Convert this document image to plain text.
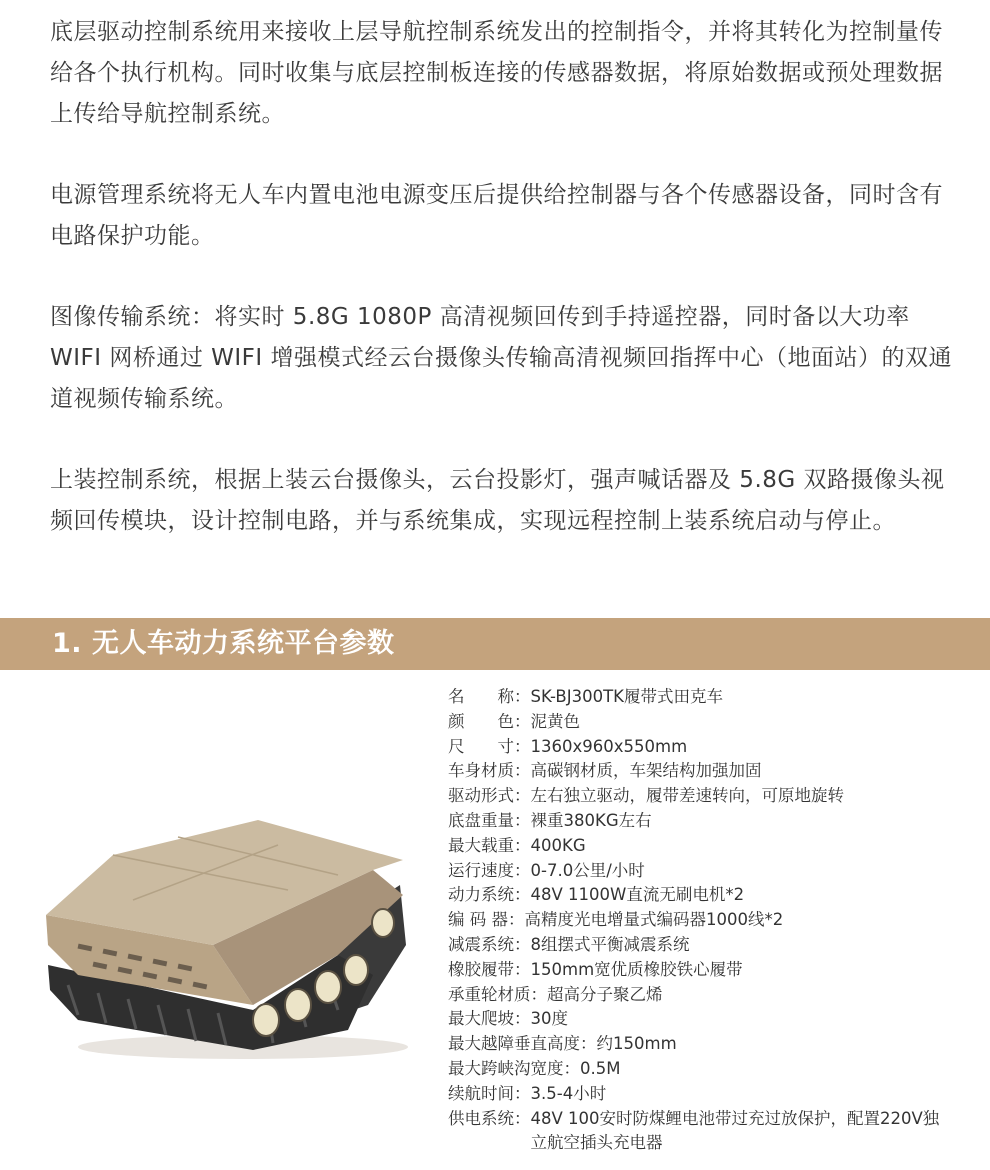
底层驱动控制系统用来接收上层导航控制系统发出的控制指令，并将其转化为控制量传给各个执行机构。同时收集与底层控制板连接的传感器数据，将原始数据或预处理数据上传给导航控制系统。

电源管理系统将无人车内置电池电源变压后提供给控制器与各个传感器设备，同时含有电路保护功能。

图像传输系统：将实时 5.8G 1080P 高清视频回传到手持遥控器，同时备以大功率 WIFI 网桥通过 WIFI 增强模式经云台摄像头传输高清视频回指挥中心（地面站）的双通道视频传输系统。

上装控制系统，根据上装云台摄像头，云台投影灯，强声喊话器及 5.8G 双路摄像头视频回传模块，设计控制电路，并与系统集成，实现远程控制上装系统启动与停止。

1. 无人车动力系统平台参数
名　　称： SK-BJ300TK履带式田克车
颜　　色： 泥黄色
尺　　寸： 1360x960x550mm
车身材质： 高碳钢材质，车架结构加强加固
驱动形式： 左右独立驱动，履带差速转向，可原地旋转
底盘重量： 裸重380KG左右
最大载重： 400KG
运行速度： 0-7.0公里/小时
动力系统： 48V 1100W直流无刷电机*2
编 码 器： 高精度光电增量式编码器1000线*2
减震系统： 8组摆式平衡减震系统
橡胶履带： 150mm宽优质橡胶铁心履带
承重轮材质： 超高分子聚乙烯
最大爬坡： 30度
最大越障垂直高度： 约150mm
最大跨峡沟宽度： 0.5M
续航时间： 3.5-4小时
供电系统： 48V 100安时防煤鲤电池带过充过放保护，配置220V独立航空插头充电器
